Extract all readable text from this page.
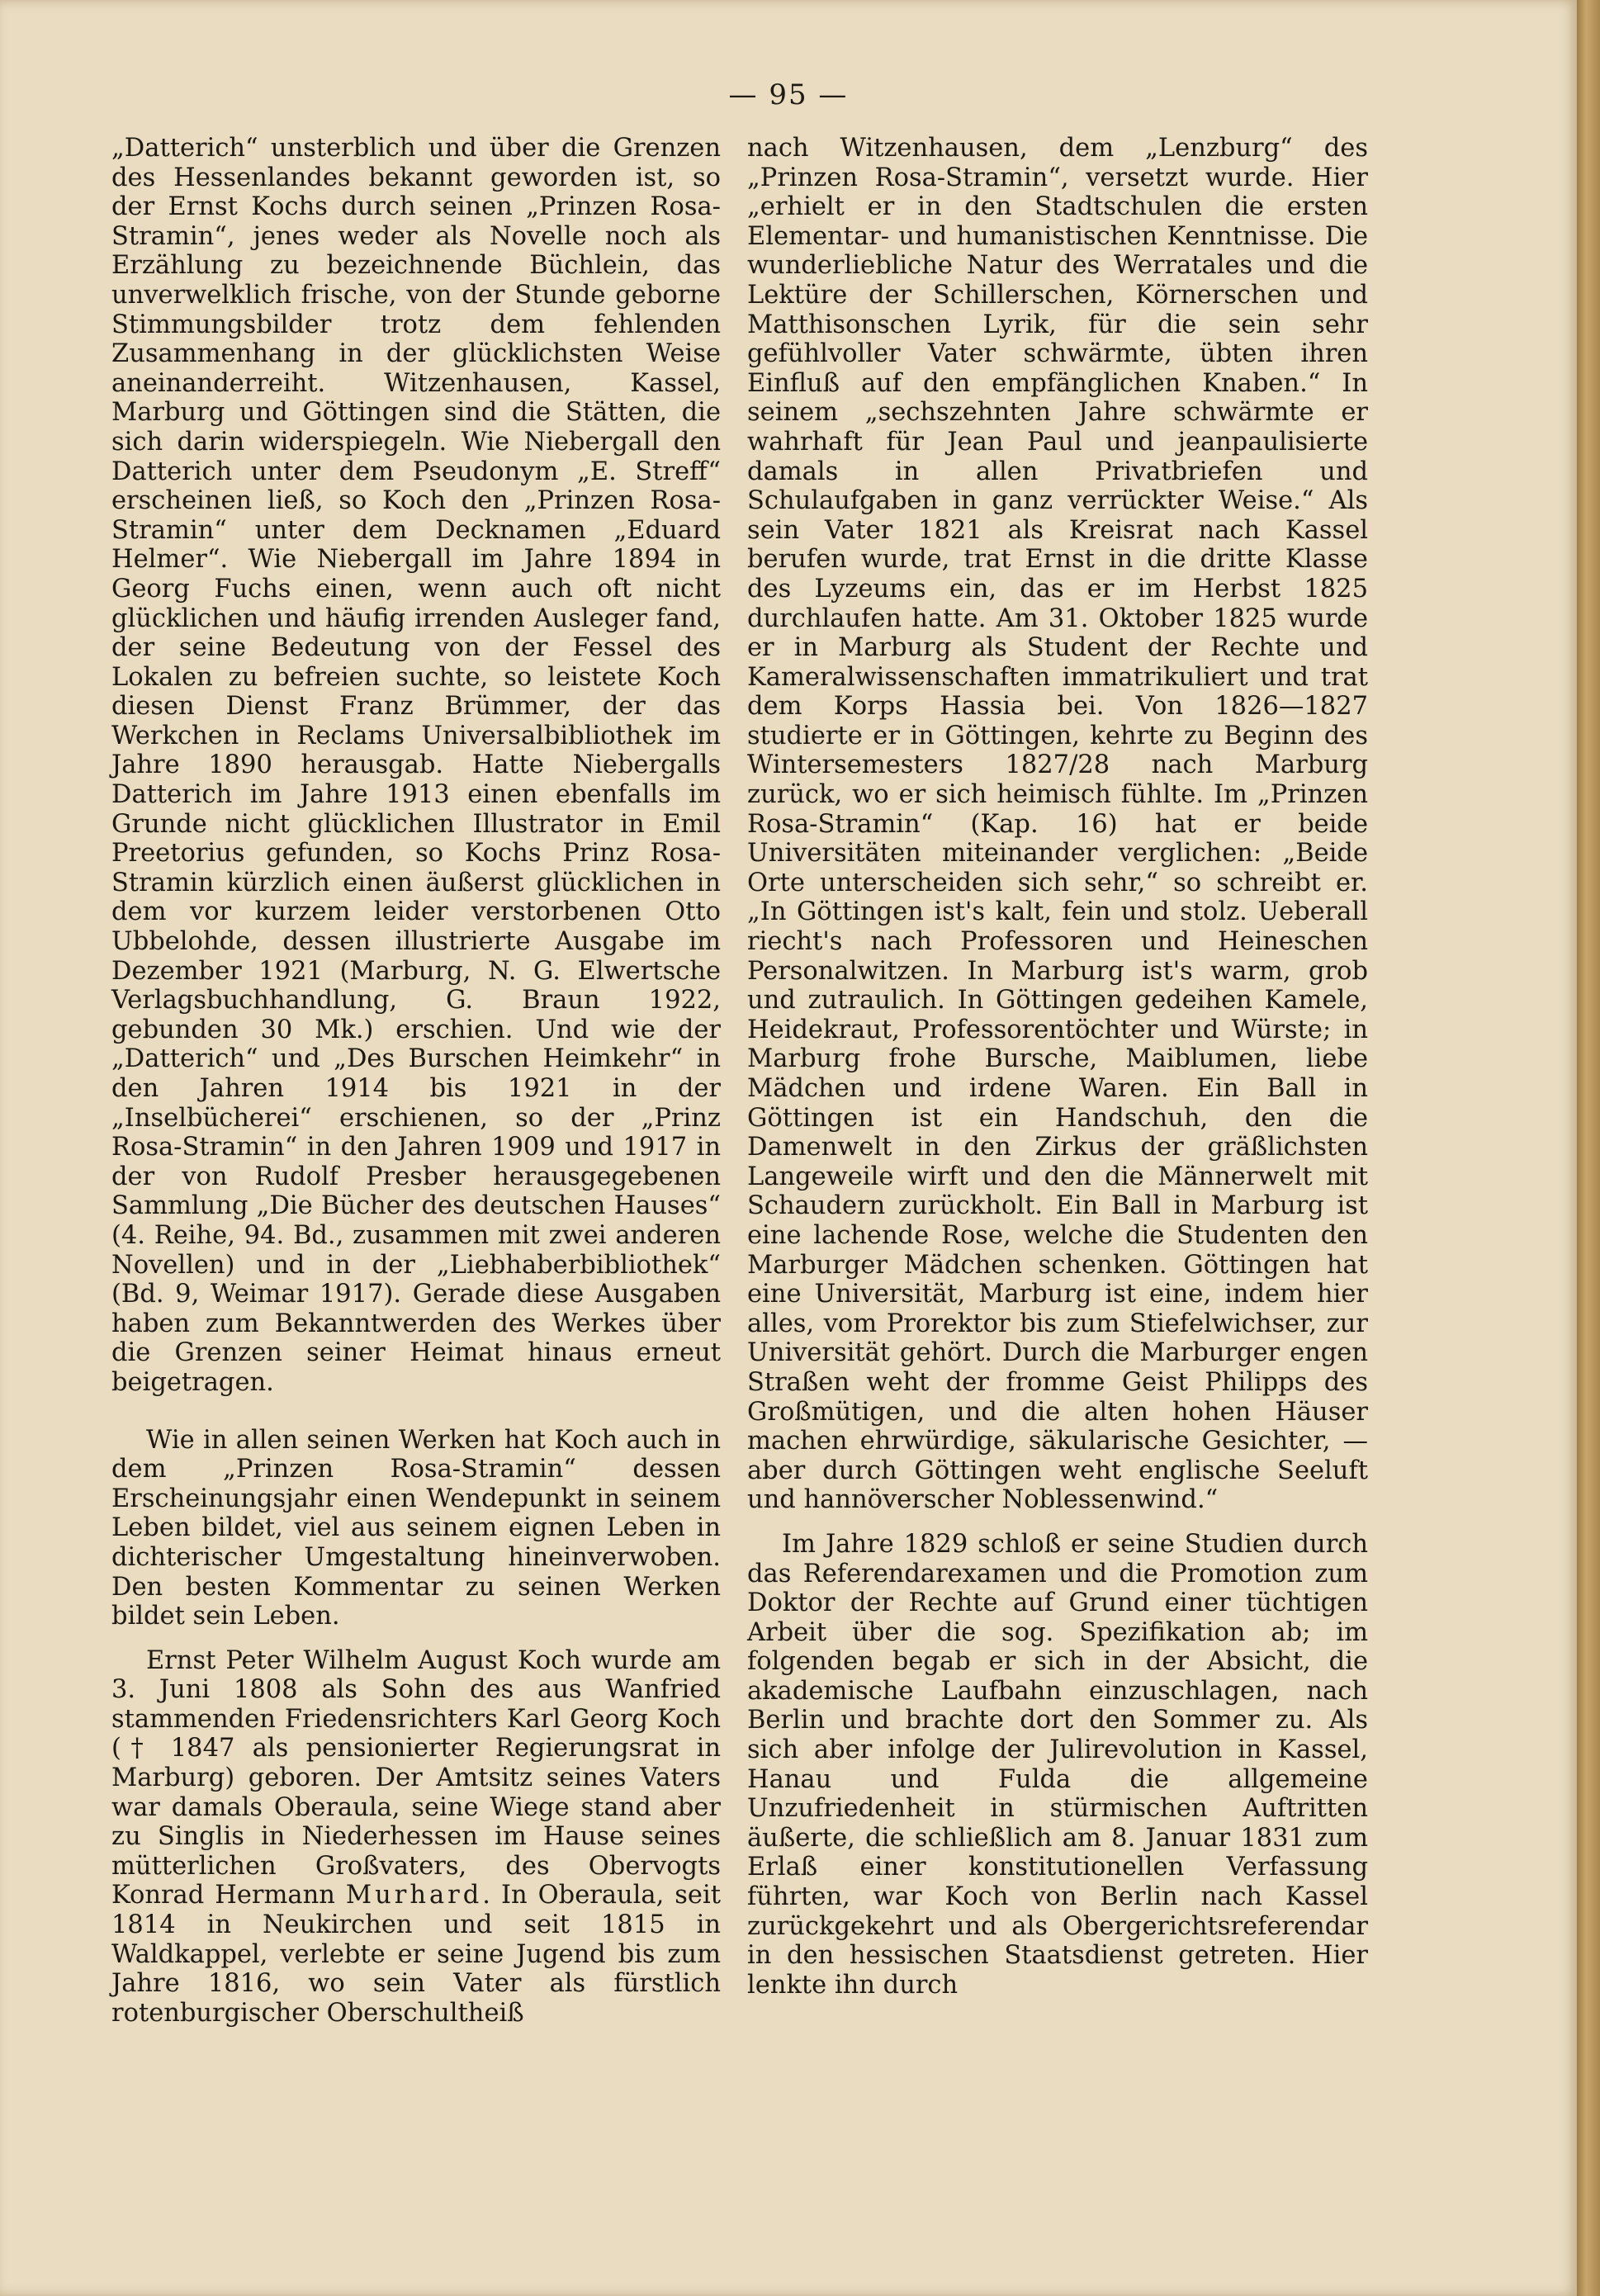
— 95 —

„Datterich“ unsterblich und über die Grenzen des Hessenlandes bekannt geworden ist, so der Ernst Kochs durch seinen „Prinzen Rosa-Stramin“, jenes weder als Novelle noch als Erzählung zu bezeichnende Büchlein, das unverwelklich frische, von der Stunde geborne Stimmungsbilder trotz dem fehlenden Zusammenhang in der glücklichsten Weise aneinanderreiht. Witzenhausen, Kassel, Marburg und Göttingen sind die Stätten, die sich darin widerspiegeln. Wie Niebergall den Datterich unter dem Pseudonym „E. Streff“ erscheinen ließ, so Koch den „Prinzen Rosa-Stramin“ unter dem Decknamen „Eduard Helmer“. Wie Niebergall im Jahre 1894 in Georg Fuchs einen, wenn auch oft nicht glücklichen und häufig irrenden Ausleger fand, der seine Bedeutung von der Fessel des Lokalen zu befreien suchte, so leistete Koch diesen Dienst Franz Brümmer, der das Werkchen in Reclams Universalbibliothek im Jahre 1890 herausgab. Hatte Niebergalls Datterich im Jahre 1913 einen ebenfalls im Grunde nicht glücklichen Illustrator in Emil Preetorius gefunden, so Kochs Prinz Rosa-Stramin kürzlich einen äußerst glücklichen in dem vor kurzem leider verstorbenen Otto Ubbelohde, dessen illustrierte Ausgabe im Dezember 1921 (Marburg, N. G. Elwertsche Verlagsbuchhandlung, G. Braun 1922, gebunden 30 Mk.) erschien. Und wie der „Datterich“ und „Des Burschen Heimkehr“ in den Jahren 1914 bis 1921 in der „Inselbücherei“ erschienen, so der „Prinz Rosa-Stramin“ in den Jahren 1909 und 1917 in der von Rudolf Presber herausgegebenen Sammlung „Die Bücher des deutschen Hauses“ (4. Reihe, 94. Bd., zusammen mit zwei anderen Novellen) und in der „Liebhaberbibliothek“ (Bd. 9, Weimar 1917). Gerade diese Ausgaben haben zum Bekanntwerden des Werkes über die Grenzen seiner Heimat hinaus erneut beigetragen.

Wie in allen seinen Werken hat Koch auch in dem „Prinzen Rosa-Stramin“ dessen Erscheinungsjahr einen Wendepunkt in seinem Leben bildet, viel aus seinem eignen Leben in dichterischer Umgestaltung hineinverwoben. Den besten Kommentar zu seinen Werken bildet sein Leben.

Ernst Peter Wilhelm August Koch wurde am 3. Juni 1808 als Sohn des aus Wanfried stammenden Friedensrichters Karl Georg Koch († 1847 als pensionierter Regierungsrat in Marburg) geboren. Der Amtsitz seines Vaters war damals Oberaula, seine Wiege stand aber zu Singlis in Niederhessen im Hause seines mütterlichen Großvaters, des Obervogts Konrad Hermann Murhard. In Oberaula, seit 1814 in Neukirchen und seit 1815 in Waldkappel, verlebte er seine Jugend bis zum Jahre 1816, wo sein Vater als fürstlich rotenburgischer Oberschultheiß

nach Witzenhausen, dem „Lenzburg“ des „Prinzen Rosa-Stramin“, versetzt wurde. Hier „erhielt er in den Stadtschulen die ersten Elementar- und humanistischen Kenntnisse. Die wunderliebliche Natur des Werratales und die Lektüre der Schillerschen, Körnerschen und Matthisonschen Lyrik, für die sein sehr gefühlvoller Vater schwärmte, übten ihren Einfluß auf den empfänglichen Knaben.“ In seinem „sechszehnten Jahre schwärmte er wahrhaft für Jean Paul und jeanpaulisierte damals in allen Privatbriefen und Schulaufgaben in ganz verrückter Weise.“ Als sein Vater 1821 als Kreisrat nach Kassel berufen wurde, trat Ernst in die dritte Klasse des Lyzeums ein, das er im Herbst 1825 durchlaufen hatte. Am 31. Oktober 1825 wurde er in Marburg als Student der Rechte und Kameralwissenschaften immatrikuliert und trat dem Korps Hassia bei. Von 1826—1827 studierte er in Göttingen, kehrte zu Beginn des Wintersemesters 1827/28 nach Marburg zurück, wo er sich heimisch fühlte. Im „Prinzen Rosa-Stramin“ (Kap. 16) hat er beide Universitäten miteinander verglichen: „Beide Orte unterscheiden sich sehr,“ so schreibt er. „In Göttingen ist's kalt, fein und stolz. Ueberall riecht's nach Professoren und Heineschen Personalwitzen. In Marburg ist's warm, grob und zutraulich. In Göttingen gedeihen Kamele, Heidekraut, Professorentöchter und Würste; in Marburg frohe Bursche, Maiblumen, liebe Mädchen und irdene Waren. Ein Ball in Göttingen ist ein Handschuh, den die Damenwelt in den Zirkus der gräßlichsten Langeweile wirft und den die Männerwelt mit Schaudern zurückholt. Ein Ball in Marburg ist eine lachende Rose, welche die Studenten den Marburger Mädchen schenken. Göttingen hat eine Universität, Marburg ist eine, indem hier alles, vom Prorektor bis zum Stiefelwichser, zur Universität gehört. Durch die Marburger engen Straßen weht der fromme Geist Philipps des Großmütigen, und die alten hohen Häuser machen ehrwürdige, säkularische Gesichter, — aber durch Göttingen weht englische Seeluft und hannöverscher Noblessenwind.“

Im Jahre 1829 schloß er seine Studien durch das Referendarexamen und die Promotion zum Doktor der Rechte auf Grund einer tüchtigen Arbeit über die sog. Spezifikation ab; im folgenden begab er sich in der Absicht, die akademische Laufbahn einzuschlagen, nach Berlin und brachte dort den Sommer zu. Als sich aber infolge der Julirevolution in Kassel, Hanau und Fulda die allgemeine Unzufriedenheit in stürmischen Auftritten äußerte, die schließlich am 8. Januar 1831 zum Erlaß einer konstitutionellen Verfassung führten, war Koch von Berlin nach Kassel zurückgekehrt und als Obergerichtsreferendar in den hessischen Staatsdienst getreten. Hier lenkte ihn durch
